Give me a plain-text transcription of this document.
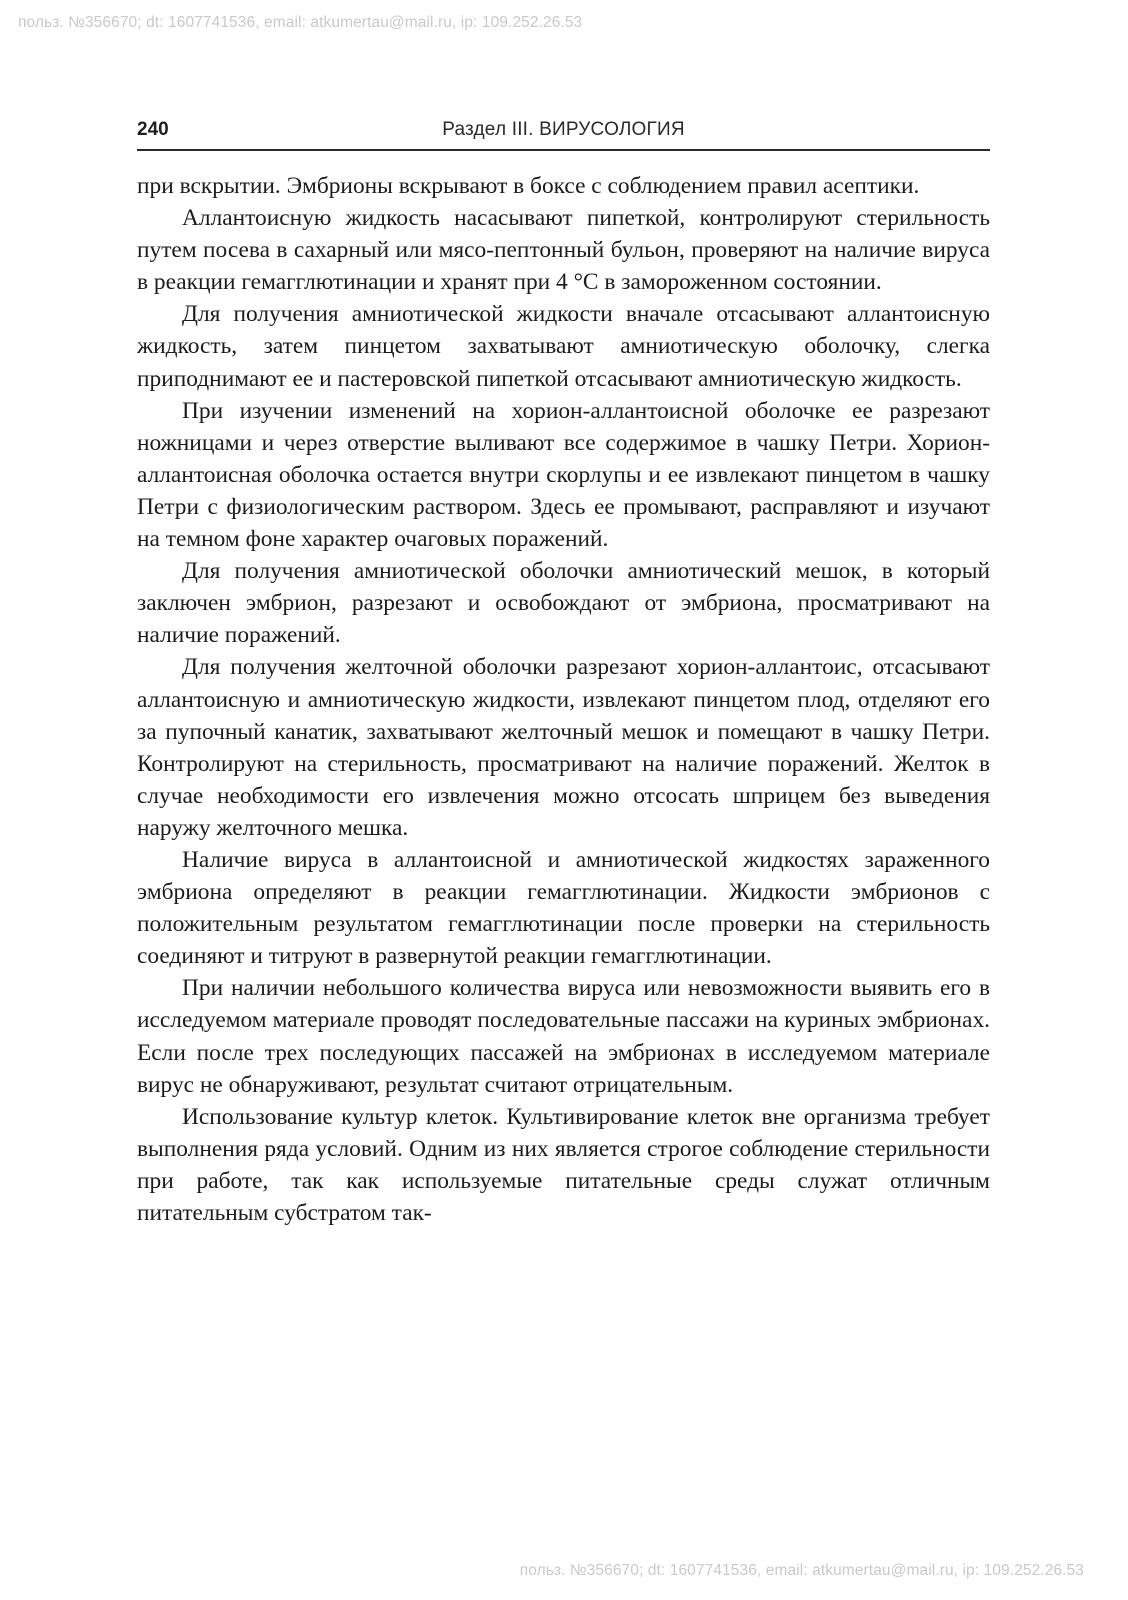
польз. №356670; dt: 1607741536, email: atkumertau@mail.ru, ip: 109.252.26.53
240	Раздел III. ВИРУСОЛОГИЯ

при вскрытии. Эмбрионы вскрывают в боксе с соблюдением правил асептики.

Аллантоисную жидкость насасывают пипеткой, контролируют стерильность путем посева в сахарный или мясо-пептонный бульон, проверяют на наличие вируса в реакции гемагглютинации и хранят при 4 °С в замороженном состоянии.

Для получения амниотической жидкости вначале отсасывают аллантоисную жидкость, затем пинцетом захватывают амниотическую оболочку, слегка приподнимают ее и пастеровской пипеткой отсасывают амниотическую жидкость.

При изучении изменений на хорион-аллантоисной оболочке ее разрезают ножницами и через отверстие выливают все содержимое в чашку Петри. Хорион-аллантоисная оболочка остается внутри скорлупы и ее извлекают пинцетом в чашку Петри с физиологическим раствором. Здесь ее промывают, расправляют и изучают на темном фоне характер очаговых поражений.

Для получения амниотической оболочки амниотический мешок, в который заключен эмбрион, разрезают и освобождают от эмбриона, просматривают на наличие поражений.

Для получения желточной оболочки разрезают хорион-аллантоис, отсасывают аллантоисную и амниотическую жидкости, извлекают пинцетом плод, отделяют его за пупочный канатик, захватывают желточный мешок и помещают в чашку Петри. Контролируют на стерильность, просматривают на наличие поражений. Желток в случае необходимости его извлечения можно отсосать шприцем без выведения наружу желточного мешка.

Наличие вируса в аллантоисной и амниотической жидкостях зараженного эмбриона определяют в реакции гемагглютинации. Жидкости эмбрионов с положительным результатом гемагглютинации после проверки на стерильность соединяют и титруют в развернутой реакции гемагглютинации.

При наличии небольшого количества вируса или невозможности выявить его в исследуемом материале проводят последовательные пассажи на куриных эмбрионах. Если после трех последующих пассажей на эмбрионах в исследуемом материале вирус не обнаруживают, результат считают отрицательным.

Использование культур клеток. Культивирование клеток вне организма требует выполнения ряда условий. Одним из них является строгое соблюдение стерильности при работе, так как используемые питательные среды служат отличным питательным субстратом так-

польз. №356670; dt: 1607741536, email: atkumertau@mail.ru, ip: 109.252.26.53
